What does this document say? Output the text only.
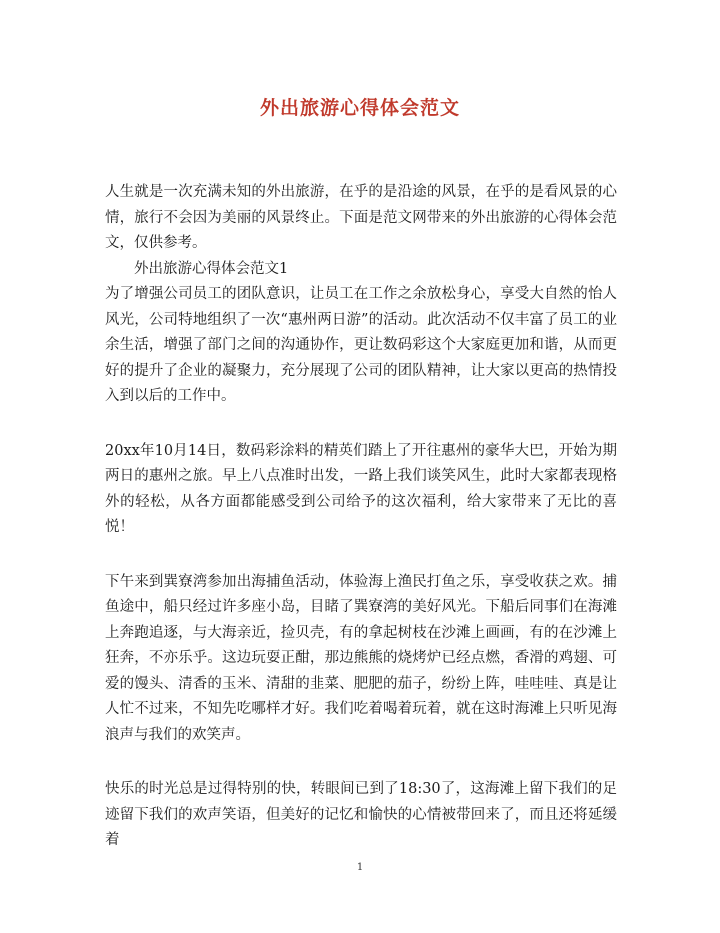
外出旅游心得体会范文

人生就是一次充满未知的外出旅游，在乎的是沿途的风景，在乎的是看风景的心情，旅行不会因为美丽的风景终止。下面是范文网带来的外出旅游的心得体会范文，仅供参考。

外出旅游心得体会范文1

为了增强公司员工的团队意识，让员工在工作之余放松身心，享受大自然的怡人风光，公司特地组织了一次“惠州两日游”的活动。此次活动不仅丰富了员工的业余生活，增强了部门之间的沟通协作，更让数码彩这个大家庭更加和谐，从而更好的提升了企业的凝聚力，充分展现了公司的团队精神，让大家以更高的热情投入到以后的工作中。

20xx年10月14日，数码彩涂料的精英们踏上了开往惠州的豪华大巴，开始为期两日的惠州之旅。早上八点准时出发，一路上我们谈笑风生，此时大家都表现格外的轻松，从各方面都能感受到公司给予的这次福利，给大家带来了无比的喜悦！

下午来到巽寮湾参加出海捕鱼活动，体验海上渔民打鱼之乐，享受收获之欢。捕鱼途中，船只经过许多座小岛，目睹了巽寮湾的美好风光。下船后同事们在海滩上奔跑追逐，与大海亲近，捡贝壳，有的拿起树枝在沙滩上画画，有的在沙滩上狂奔，不亦乐乎。这边玩耍正酣，那边熊熊的烧烤炉已经点燃，香滑的鸡翅、可爱的馒头、清香的玉米、清甜的韭菜、肥肥的茄子，纷纷上阵，哇哇哇、真是让人忙不过来，不知先吃哪样才好。我们吃着喝着玩着，就在这时海滩上只听见海浪声与我们的欢笑声。

快乐的时光总是过得特别的快，转眼间已到了18:30了，这海滩上留下我们的足迹留下我们的欢声笑语，但美好的记忆和愉快的心情被带回来了，而且还将延缓着

1
